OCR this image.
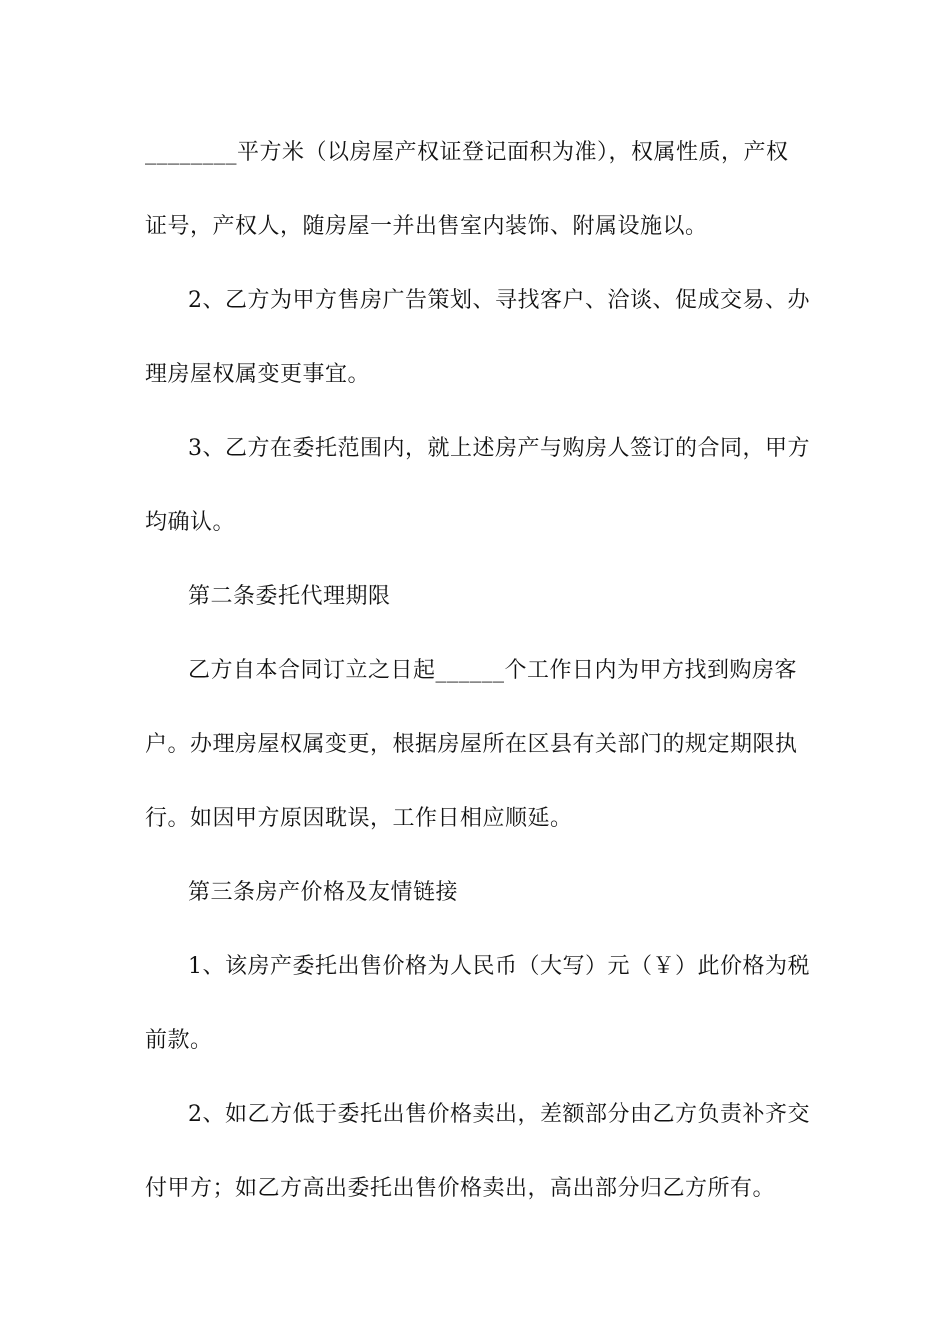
________平方米（以房屋产权证登记面积为准），权属性质，产权
证号，产权人，随房屋一并出售室内装饰、附属设施以。
2、乙方为甲方售房广告策划、寻找客户、洽谈、促成交易、办
理房屋权属变更事宜。
3、乙方在委托范围内，就上述房产与购房人签订的合同，甲方
均确认。
第二条委托代理期限
乙方自本合同订立之日起______个工作日内为甲方找到购房客
户。办理房屋权属变更，根据房屋所在区县有关部门的规定期限执
行。如因甲方原因耽误，工作日相应顺延。
第三条房产价格及友情链接
1、该房产委托出售价格为人民币（大写）元（￥）此价格为税
前款。
2、如乙方低于委托出售价格卖出，差额部分由乙方负责补齐交
付甲方；如乙方高出委托出售价格卖出，高出部分归乙方所有。
